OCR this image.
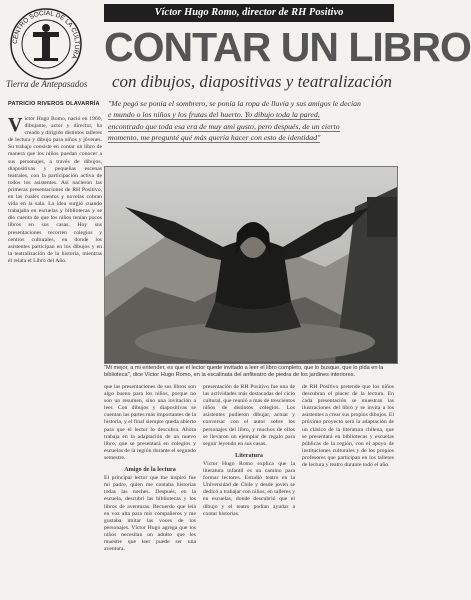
CENTRO SOCIAL DE LA CULTURA
Tierra de Antepasados
Víctor Hugo Romo, director de RH Positivo
CONTAR UN LIBRO
con dibujos, diapositivas y teatralización
PATRICIO RIVEROS OLAVARRÍA	"Me pegó se ponía el sombrero, se ponía la ropa de lluvia y sus amigos le decían
e mundo o los niños y los frutas del huerto. Yo dibujo toda la pared,
encontrado que toda esa era de muy ami gusto, pero después, de un cierto
momento, me pregunté qué más quería hacer con esto de identidad"
Víctor Hugo Romo, nació en 1960, dibujante, actor y director, ha creado y dirigido distintos talleres de lectura y dibujo para niños y jóvenes. Su trabajo consiste en contar un libro de manera que los niños puedan conocer a sus personajes, a través de dibujos, diapositivas y pequeñas escenas teatrales, con la participación activa de todos los asistentes. Así nacieron las primeras presentaciones de RH Positivo, en las cuales cuentos y novelas cobran vida en la sala. La idea surgió cuando trabajaba en escuelas y bibliotecas y se dio cuenta de que los niños tenían pocos libros en sus casas. Hoy sus presentaciones recorren colegios y centros culturales, en donde los asistentes participan en los dibujos y en la teatralización de la historia, mientras él relata el Libro del Año.
"Mi mejor, a mi entender, es que el lector quede invitado a leer el libro completo, que lo busque, que lo pida en la biblioteca", dice Víctor Hugo Romo, en la escalinata del anfiteatro de piedra de los jardines interiores.
que las presentaciones de sus libros son algo bueno para los niños, porque no son un resumen, sino una invitación a leer. Con dibujos y diapositivas se cuentan las partes más importantes de la historia, y el final siempre queda abierto para que el lector lo descubra. Ahora trabaja en la adaptación de un nuevo libro, que se presentará en colegios y escuelas de la región durante el segundo semestre.
Amigo de la lectura
El principal lector que me inspiró fue mi padre, quien me contaba historias todas las noches. Después, en la escuela, descubrí las bibliotecas y los libros de aventuras. Recuerdo que leía en voz alta para mis compañeros y me gustaba imitar las voces de los personajes. Víctor Hugo agrega que los niños necesitan un adulto que les muestre que leer puede ser una aventura.
presentación de RH Positivo fue una de las actividades más destacadas del ciclo cultural, que reunió a más de trescientos niños de distintos colegios. Los asistentes pudieron dibujar, actuar y conversar con el autor sobre los personajes del libro, y muchos de ellos se llevaron un ejemplar de regalo para seguir leyendo en sus casas.
Literatura
Víctor Hugo Romo explica que la literatura infantil es un camino para formar lectores. Estudió teatro en la Universidad de Chile y desde joven se dedicó a trabajar con niños, en talleres y en escuelas, donde descubrió que el dibujo y el teatro podían ayudar a contar historias.
de RH Positivo pretende que los niños descubran el placer de la lectura. En cada presentación se muestran las ilustraciones del libro y se invita a los asistentes a crear sus propios dibujos. El próximo proyecto será la adaptación de un clásico de la literatura chilena, que se presentará en bibliotecas y escuelas públicas de la región, con el apoyo de instituciones culturales y de los propios profesores que participan en los talleres de lectura y teatro durante todo el año.
